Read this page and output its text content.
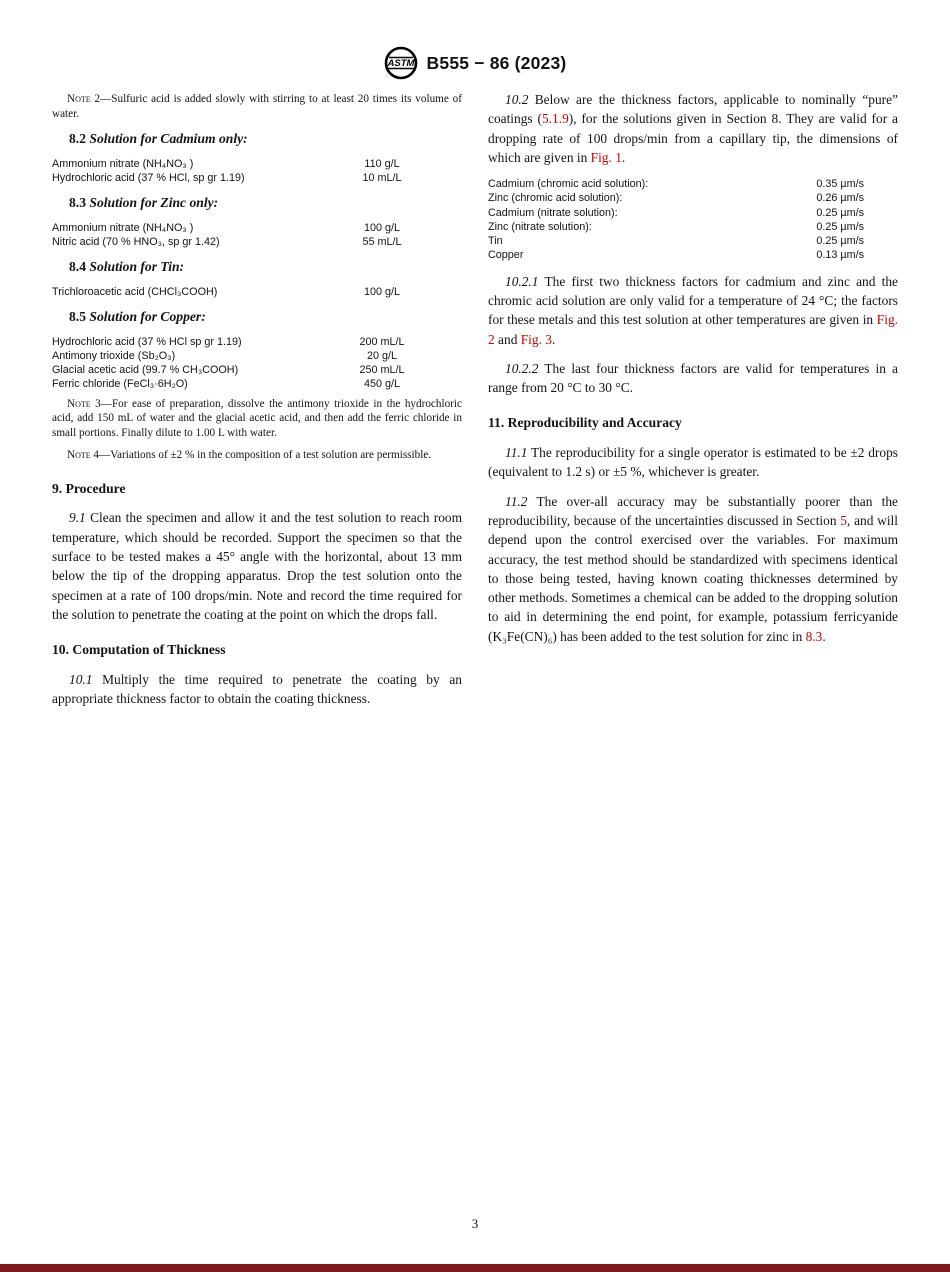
ASTM B555 − 86 (2023)

Note 2—Sulfuric acid is added slowly with stirring to at least 20 times its volume of water.

8.2 Solution for Cadmium only:

Ammonium nitrate (NH₄NO₃ )	110 g/L
Hydrochloric acid (37 % HCl, sp gr 1.19)	10 mL/L

8.3 Solution for Zinc only:

Ammonium nitrate (NH₄NO₃ )	100 g/L
Nitric acid (70 % HNO₃, sp gr 1.42)	55 mL/L

8.4 Solution for Tin:

Trichloroacetic acid (CHCl₃COOH)	100 g/L

8.5 Solution for Copper:

Hydrochloric acid (37 % HCl sp gr 1.19)	200 mL/L
Antimony trioxide (Sb₂O₃)	20 g/L
Glacial acetic acid (99.7 % CH₃COOH)	250 mL/L
Ferric chloride (FeCl₃·6H₂O)	450 g/L

Note 3—For ease of preparation, dissolve the antimony trioxide in the hydrochloric acid, add 150 mL of water and the glacial acetic acid, and then add the ferric chloride in small portions. Finally dilute to 1.00 L with water.

Note 4—Variations of ±2 % in the composition of a test solution are permissible.

9. Procedure

9.1 Clean the specimen and allow it and the test solution to reach room temperature, which should be recorded. Support the specimen so that the surface to be tested makes a 45° angle with the horizontal, about 13 mm below the tip of the dropping apparatus. Drop the test solution onto the specimen at a rate of 100 drops/min. Note and record the time required for the solution to penetrate the coating at the point on which the drops fall.

10. Computation of Thickness

10.1 Multiply the time required to penetrate the coating by an appropriate thickness factor to obtain the coating thickness.

10.2 Below are the thickness factors, applicable to nominally “pure” coatings (5.1.9), for the solutions given in Section 8. They are valid for a dropping rate of 100 drops/min from a capillary tip, the dimensions of which are given in Fig. 1.

Cadmium (chromic acid solution):	0.35 µm/s
Zinc (chromic acid solution):	0.26 µm/s
Cadmium (nitrate solution):	0.25 µm/s
Zinc (nitrate solution):	0.25 µm/s
Tin	0.25 µm/s
Copper	0.13 µm/s

10.2.1 The first two thickness factors for cadmium and zinc and the chromic acid solution are only valid for a temperature of 24 °C; the factors for these metals and this test solution at other temperatures are given in Fig. 2 and Fig. 3.

10.2.2 The last four thickness factors are valid for temperatures in a range from 20 °C to 30 °C.

11. Reproducibility and Accuracy

11.1 The reproducibility for a single operator is estimated to be ±2 drops (equivalent to 1.2 s) or ±5 %, whichever is greater.

11.2 The over-all accuracy may be substantially poorer than the reproducibility, because of the uncertainties discussed in Section 5, and will depend upon the control exercised over the variables. For maximum accuracy, the test method should be standardized with specimens identical to those being tested, having known coating thicknesses determined by other methods. Sometimes a chemical can be added to the dropping solution to aid in determining the end point, for example, potassium ferricyanide (K₃Fe(CN)₆) has been added to the test solution for zinc in 8.3.

3
